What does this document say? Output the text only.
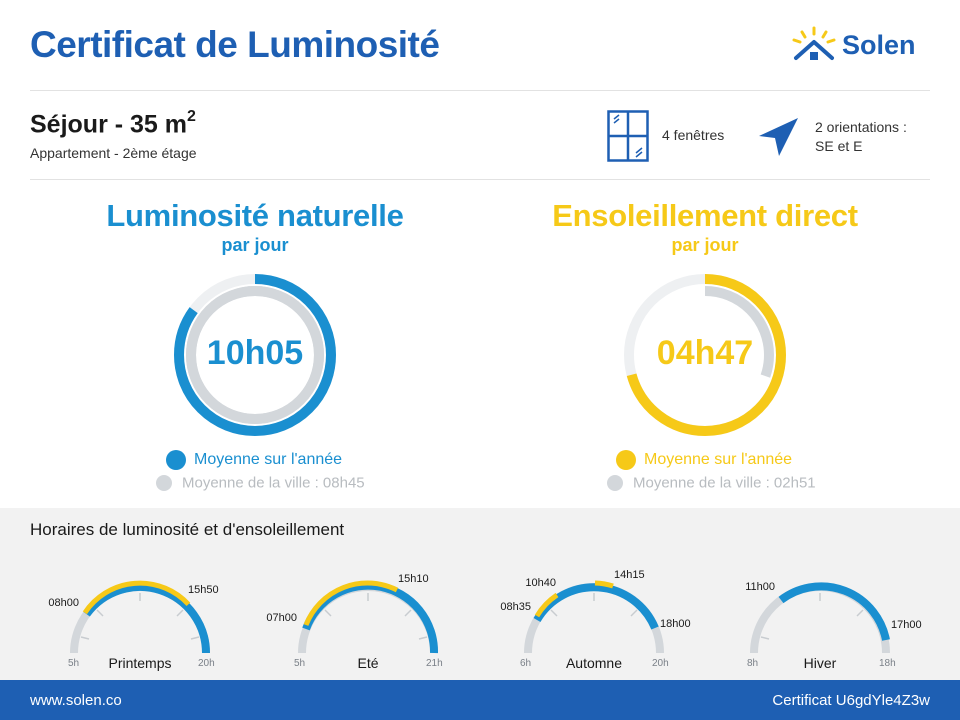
Certificat de Luminosité	Solen
Séjour - 35 $m^2$
Appartement - 2ème étage
4 fenêtres	2 orientations :
SE et E
Luminosité naturelle
par jour
10h05
Moyenne sur l'année
Moyenne de la ville : 08h45
Ensoleillement direct
par jour
04h47
Moyenne sur l'année
Moyenne de la ville : 02h51
Horaires de luminosité et d'ensoleillement
08h00
15h50
5h	20h
Printemps
07h00
15h10
5h	21h
Eté
10h40
14h15
08h35
18h00
6h	20h
Automne
11h00
17h00
8h	18h
Hiver
www.solen.co	Certificat U6gdYle4Z3w
